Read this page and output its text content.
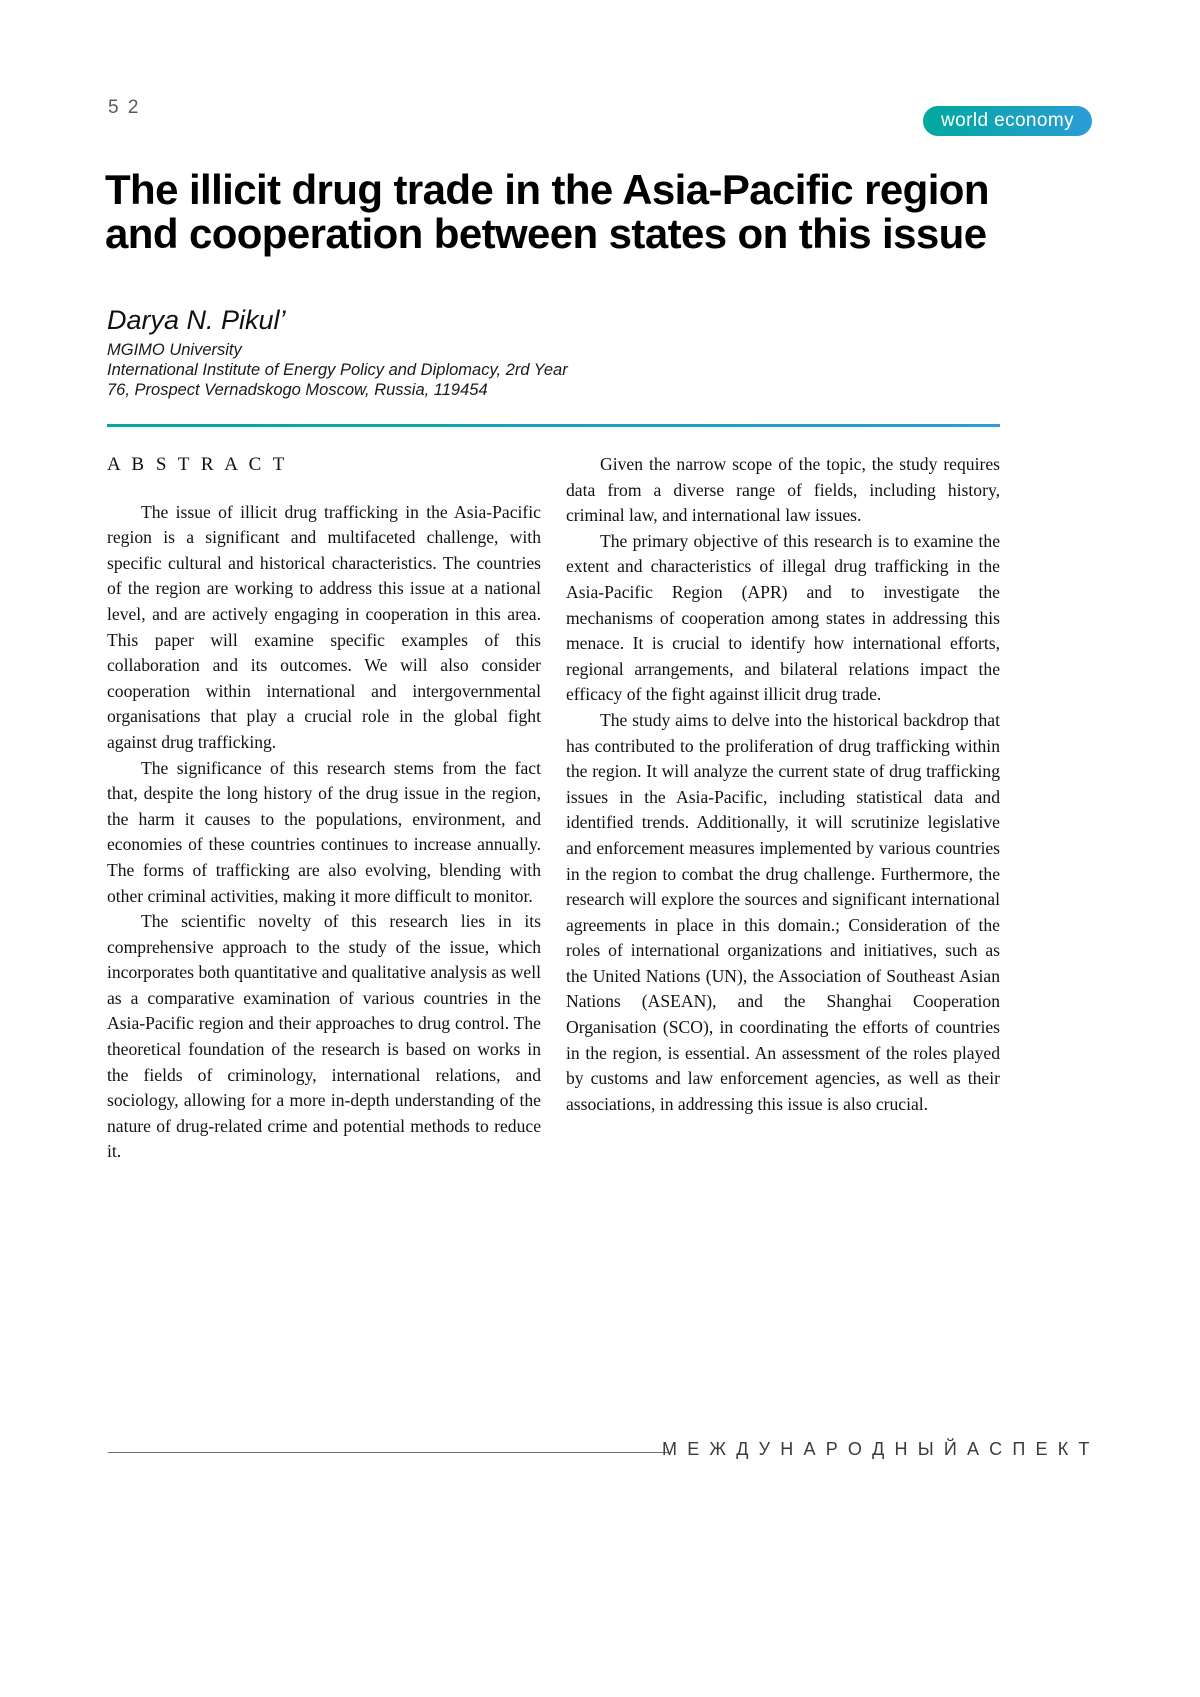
5 2
world economy
The illicit drug trade in the Asia-Pacific region and cooperation between states on this issue
Darya N. Pikul’
MGIMO University
International Institute of Energy Policy and Diplomacy, 2rd Year
76, Prospect Vernadskogo Moscow, Russia, 119454
A B S T R A C T

The issue of illicit drug trafficking in the Asia-Pacific region is a significant and multifaceted challenge, with specific cultural and historical characteristics. The countries of the region are working to address this issue at a national level, and are actively engaging in cooperation in this area. This paper will examine specific examples of this collaboration and its outcomes. We will also consider cooperation within international and intergovernmental organisations that play a crucial role in the global fight against drug trafficking.

The significance of this research stems from the fact that, despite the long history of the drug issue in the region, the harm it causes to the populations, environment, and economies of these countries continues to increase annually. The forms of trafficking are also evolving, blending with other criminal activities, making it more difficult to monitor.

The scientific novelty of this research lies in its comprehensive approach to the study of the issue, which incorporates both quantitative and qualitative analysis as well as a comparative examination of various countries in the Asia-Pacific region and their approaches to drug control. The theoretical foundation of the research is based on works in the fields of criminology, international relations, and sociology, allowing for a more in-depth understanding of the nature of drug-related crime and potential methods to reduce it.

Given the narrow scope of the topic, the study requires data from a diverse range of fields, including history, criminal law, and international law issues.

The primary objective of this research is to examine the extent and characteristics of illegal drug trafficking in the Asia-Pacific Region (APR) and to investigate the mechanisms of cooperation among states in addressing this menace. It is crucial to identify how international efforts, regional arrangements, and bilateral relations impact the efficacy of the fight against illicit drug trade.

The study aims to delve into the historical backdrop that has contributed to the proliferation of drug trafficking within the region. It will analyze the current state of drug trafficking issues in the Asia-Pacific, including statistical data and identified trends. Additionally, it will scrutinize legislative and enforcement measures implemented by various countries in the region to combat the drug challenge. Furthermore, the research will explore the sources and significant international agreements in place in this domain.; Consideration of the roles of international organizations and initiatives, such as the United Nations (UN), the Association of Southeast Asian Nations (ASEAN), and the Shanghai Cooperation Organisation (SCO), in coordinating the efforts of countries in the region, is essential. An assessment of the roles played by customs and law enforcement agencies, as well as their associations, in addressing this issue is also crucial.

М Е Ж Д У Н А Р О Д Н Ы Й А С П Е К Т
